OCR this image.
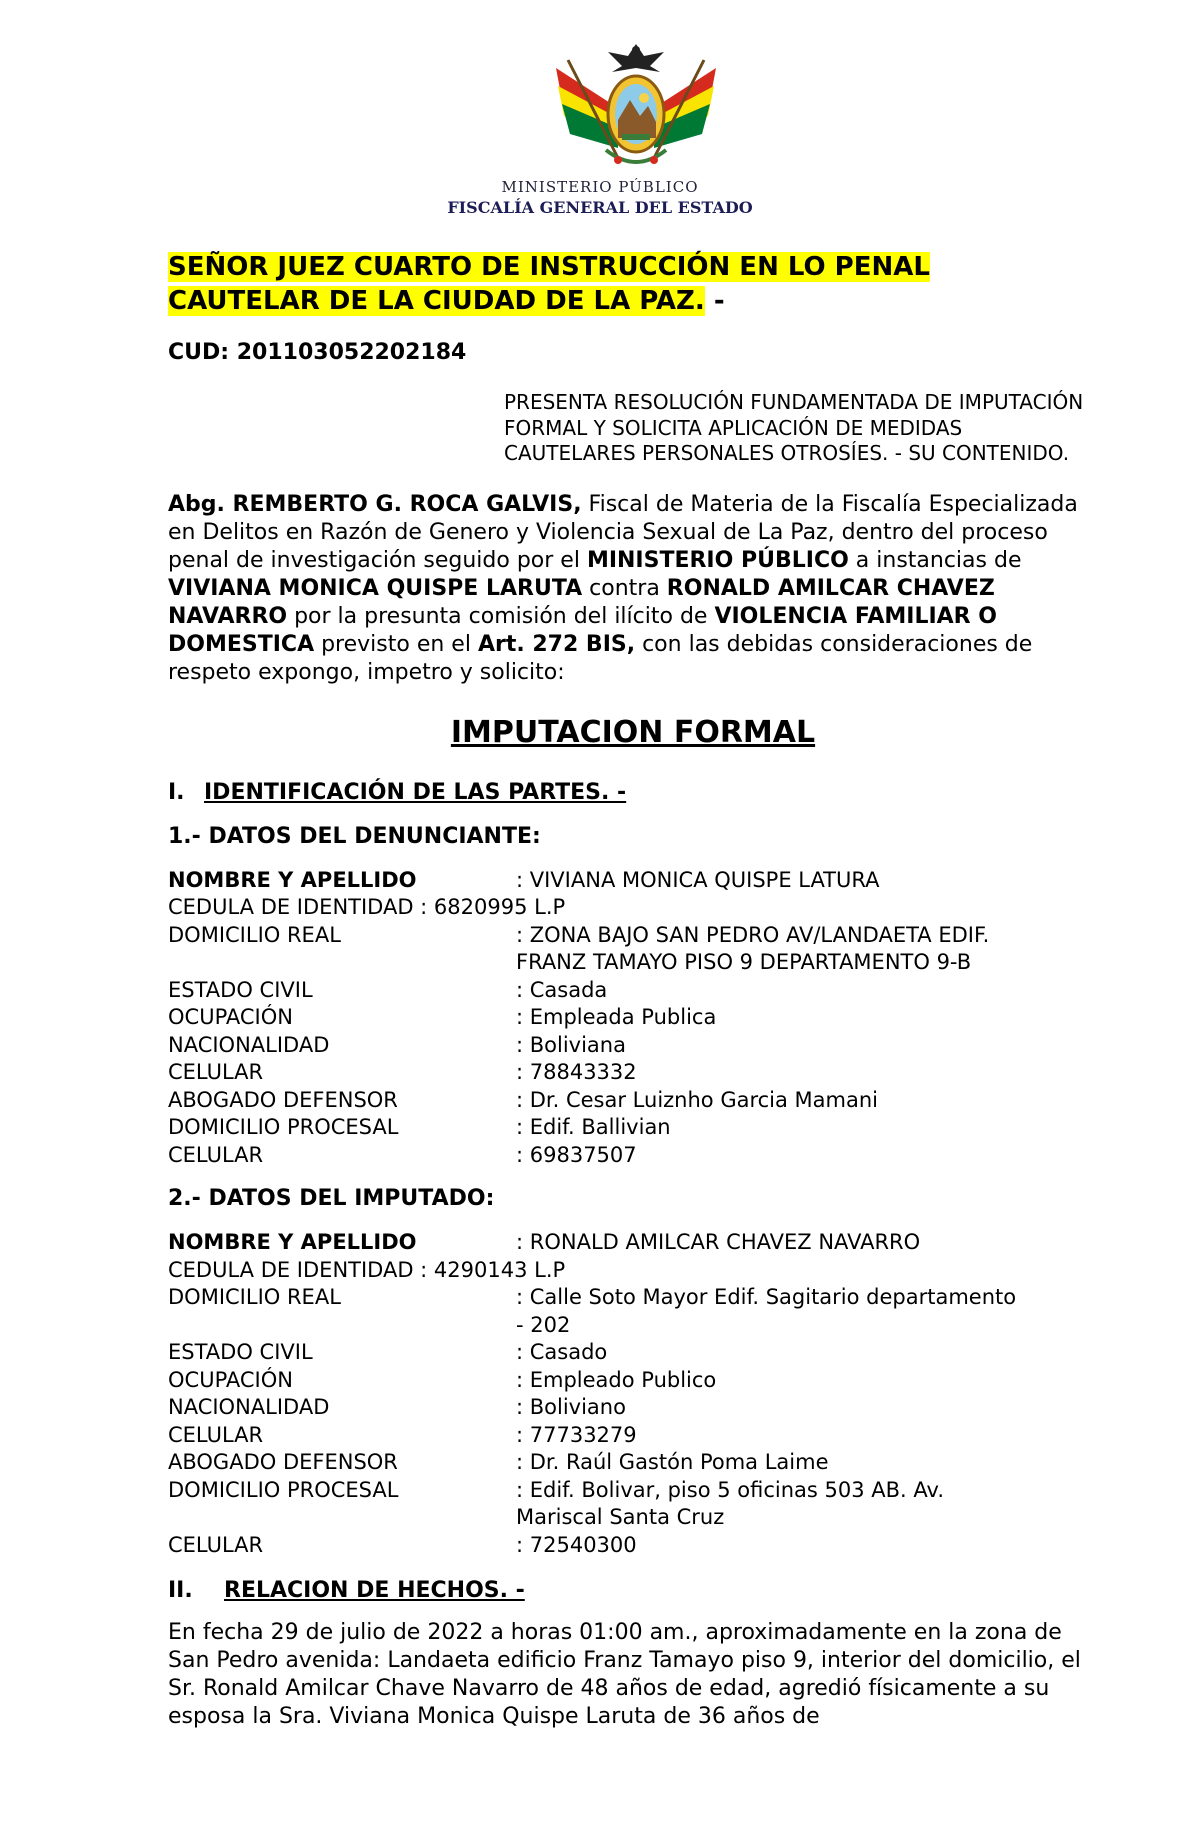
MINISTERIO PÚBLICO
FISCALÍA GENERAL DEL ESTADO

SEÑOR JUEZ CUARTO DE INSTRUCCIÓN EN LO PENAL
CAUTELAR DE LA CIUDAD DE LA PAZ. -

CUD: 201103052202184

PRESENTA RESOLUCIÓN FUNDAMENTADA DE IMPUTACIÓN FORMAL Y SOLICITA APLICACIÓN DE MEDIDAS CAUTELARES PERSONALES OTROSÍES. - SU CONTENIDO.

Abg. REMBERTO G. ROCA GALVIS, Fiscal de Materia de la Fiscalía Especializada en Delitos en Razón de Genero y Violencia Sexual de La Paz, dentro del proceso penal de investigación seguido por el MINISTERIO PÚBLICO a instancias de VIVIANA MONICA QUISPE LARUTA contra RONALD AMILCAR CHAVEZ NAVARRO por la presunta comisión del ilícito de VIOLENCIA FAMILIAR O DOMESTICA previsto en el Art. 272 BIS, con las debidas consideraciones de respeto expongo, impetro y solicito:

IMPUTACION FORMAL
I. IDENTIFICACIÓN DE LAS PARTES. -
1.- DATOS DEL DENUNCIANTE:
NOMBRE Y APELLIDO	: VIVIANA MONICA QUISPE LATURA
CEDULA DE IDENTIDAD : 6820995 L.P
DOMICILIO REAL	: ZONA BAJO SAN PEDRO AV/LANDAETA EDIF.
FRANZ TAMAYO PISO 9 DEPARTAMENTO 9-B
ESTADO CIVIL	: Casada
OCUPACIÓN	: Empleada Publica
NACIONALIDAD	: Boliviana
CELULAR	: 78843332
ABOGADO DEFENSOR	: Dr. Cesar Luiznho Garcia Mamani
DOMICILIO PROCESAL	: Edif. Ballivian
CELULAR	: 69837507
2.- DATOS DEL IMPUTADO:
NOMBRE Y APELLIDO	: RONALD AMILCAR CHAVEZ NAVARRO
CEDULA DE IDENTIDAD : 4290143 L.P
DOMICILIO REAL	: Calle Soto Mayor Edif. Sagitario departamento
- 202
ESTADO CIVIL	: Casado
OCUPACIÓN	: Empleado Publico
NACIONALIDAD	: Boliviano
CELULAR	: 77733279
ABOGADO DEFENSOR	: Dr. Raúl Gastón Poma Laime
DOMICILIO PROCESAL	: Edif. Bolivar, piso 5 oficinas 503 AB. Av.
Mariscal Santa Cruz
CELULAR	: 72540300
II. RELACION DE HECHOS. -

En fecha 29 de julio de 2022 a horas 01:00 am., aproximadamente en la zona de San Pedro avenida: Landaeta edificio Franz Tamayo piso 9, interior del domicilio, el Sr. Ronald Amilcar Chave Navarro de 48 años de edad, agredió físicamente a su esposa la Sra. Viviana Monica Quispe Laruta de 36 años de
